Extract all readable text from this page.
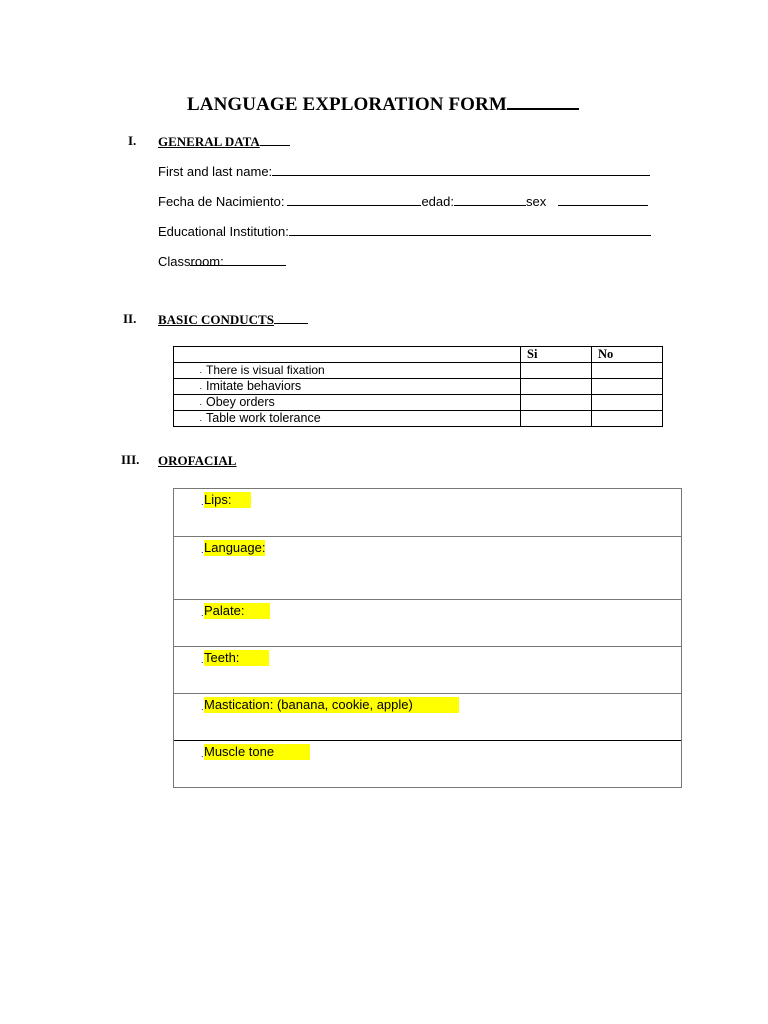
LANGUAGE EXPLORATION FORM
I. GENERAL DATA
First and last name:
Fecha de Nacimiento:	edad:	sex
Educational Institution:
Classroom:
II. BASIC CONDUCTS
	Si	No
. There is visual fixation		
. Imitate behaviors		
. Obey orders		
. Table work tolerance		
III. OROFACIAL
. Lips:
. Language:
. Palate:
. Teeth:
. Mastication: (banana, cookie, apple)
. Muscle tone
